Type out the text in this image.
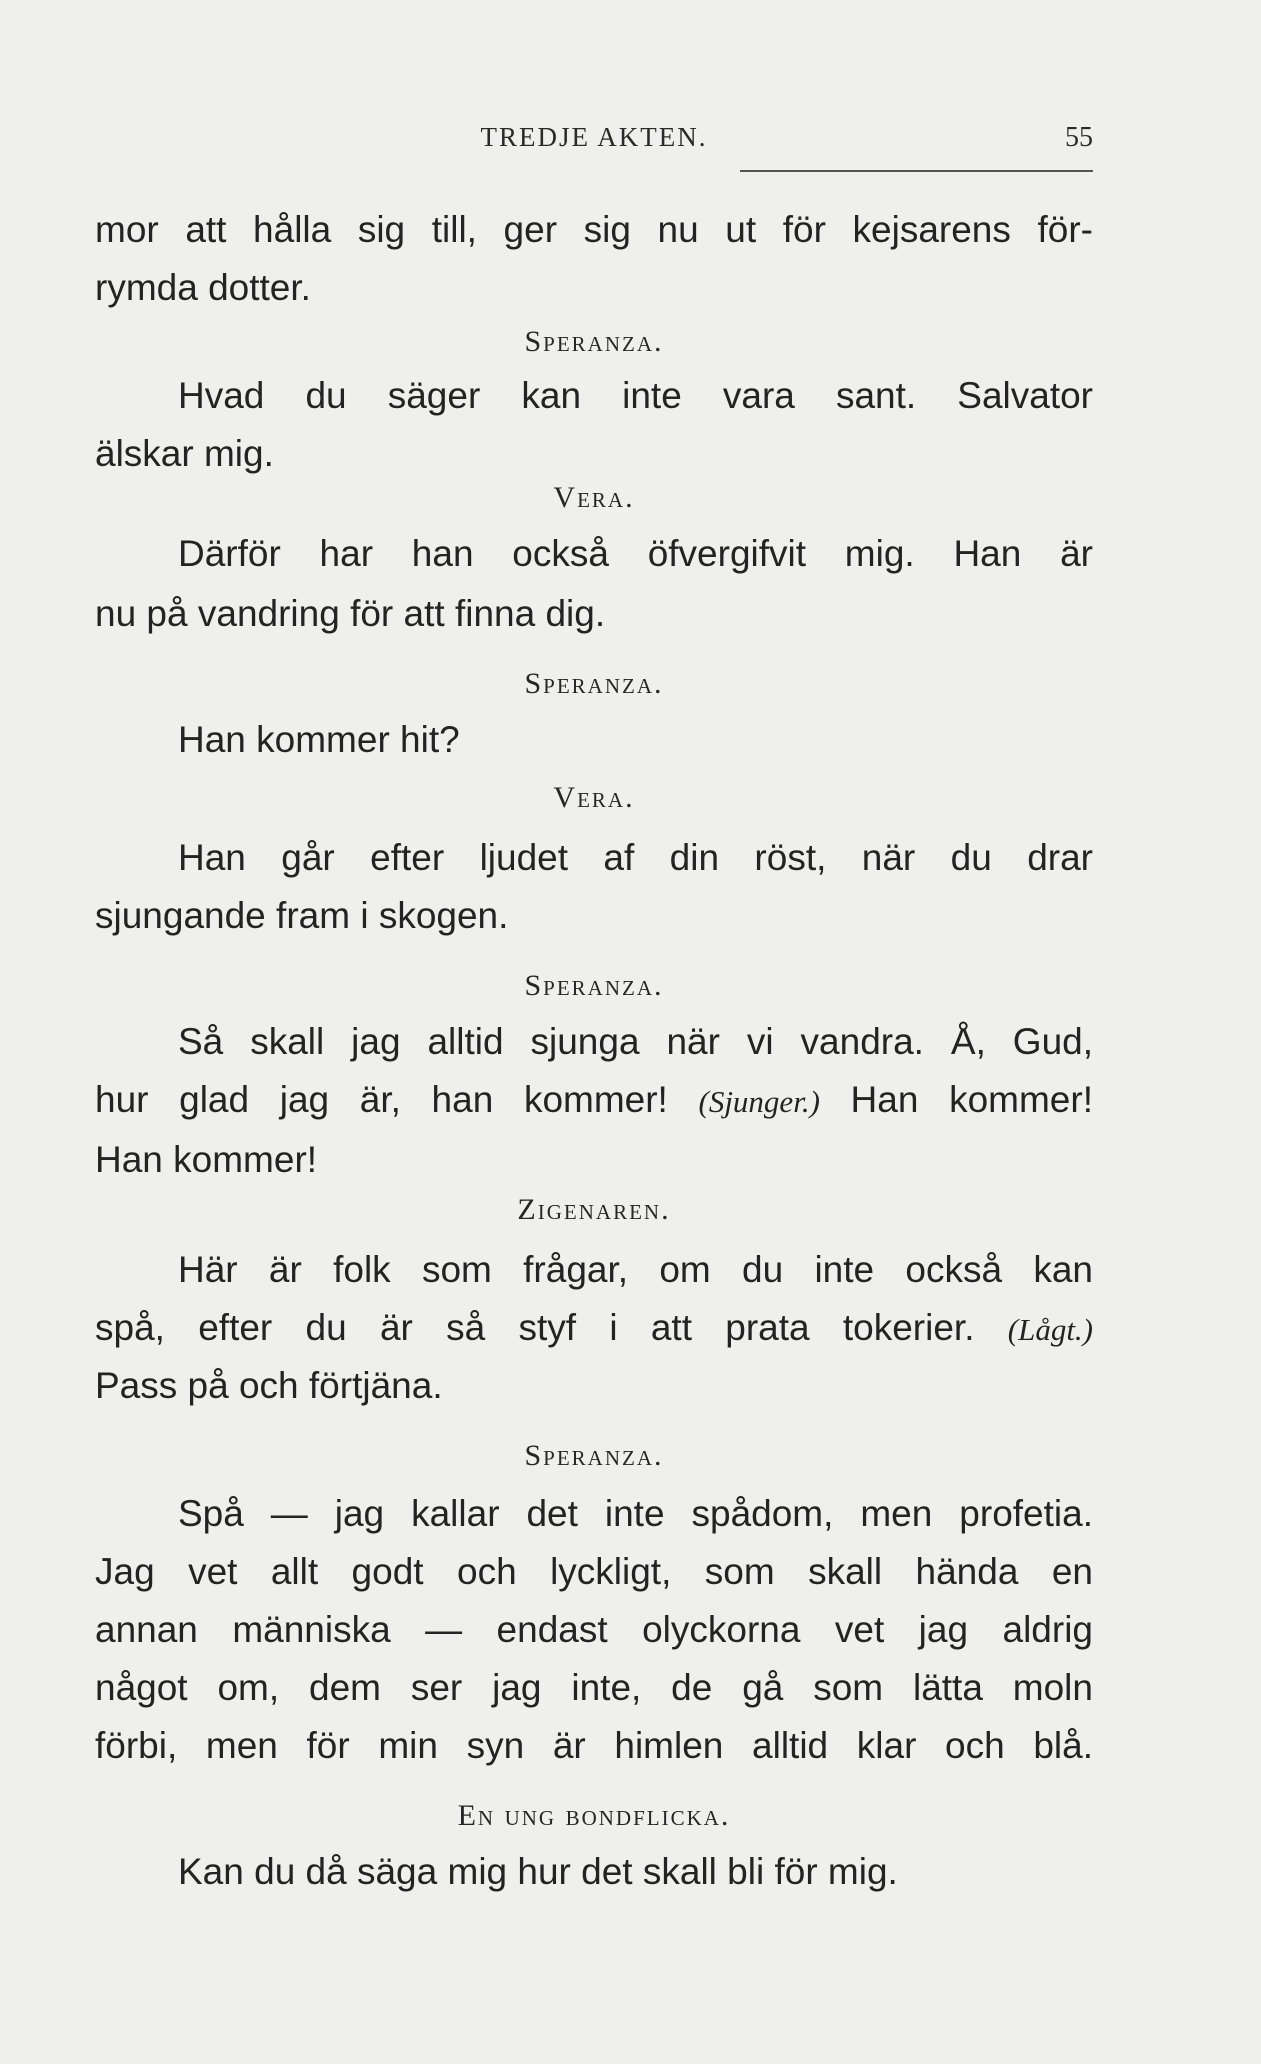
TREDJE AKTEN.	55
mor att hålla sig till, ger sig nu ut för kejsarens för-
rymda dotter.
Speranza.
Hvad du säger kan inte vara sant. Salvator
älskar mig.
Vera.
Därför har han också öfvergifvit mig. Han är
nu på vandring för att finna dig.
Speranza.
Han kommer hit?
Vera.
Han går efter ljudet af din röst, när du drar
sjungande fram i skogen.
Speranza.
Så skall jag alltid sjunga när vi vandra. Å, Gud,
hur glad jag är, han kommer! (Sjunger.) Han kommer!
Han kommer!
Zigenaren.
Här är folk som frågar, om du inte också kan
spå, efter du är så styf i att prata tokerier. (Lågt.)
Pass på och förtjäna.
Speranza.
Spå — jag kallar det inte spådom, men profetia.
Jag vet allt godt och lyckligt, som skall hända en
annan människa — endast olyckorna vet jag aldrig
något om, dem ser jag inte, de gå som lätta moln
förbi, men för min syn är himlen alltid klar och blå.
En ung bondflicka.
Kan du då säga mig hur det skall bli för mig.
